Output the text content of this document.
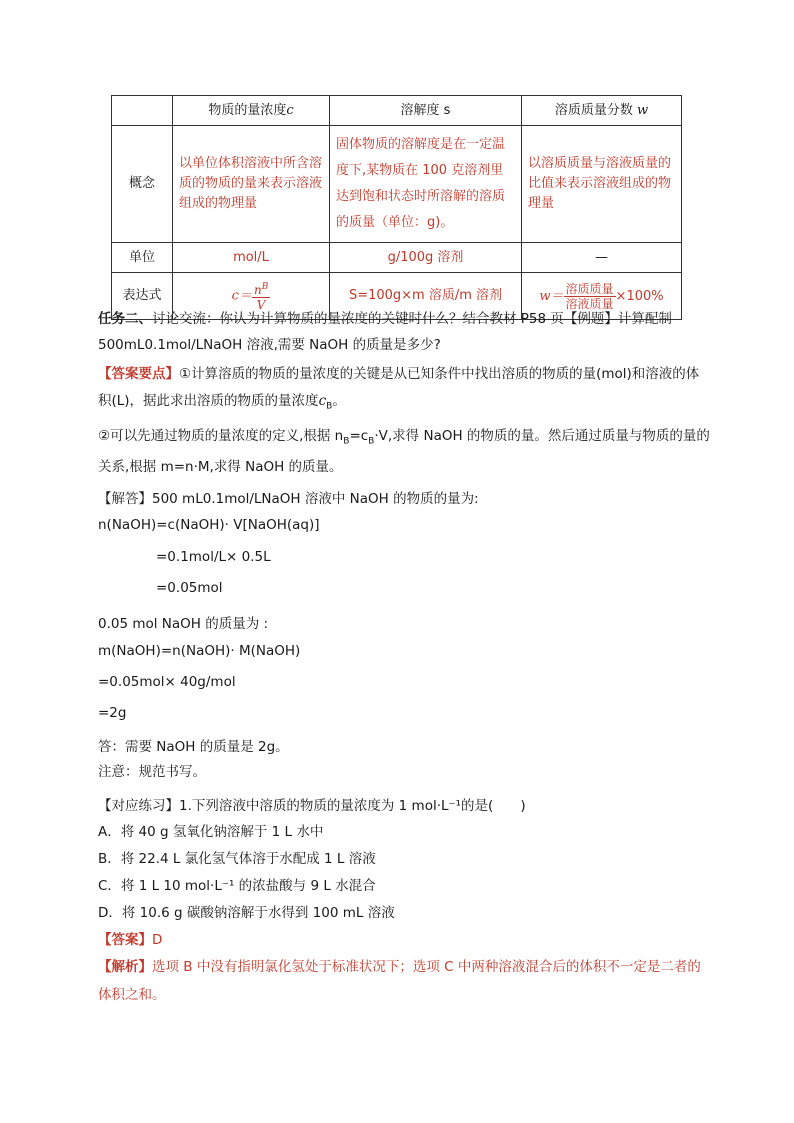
	物质的量浓度c	溶解度 s	溶质质量分数 w
概念	以单位体积溶液中所含溶质的物质的量来表示溶液组成的物理量	固体物质的溶解度是在一定温度下,某物质在 100 克溶剂里达到饱和状态时所溶解的溶质的质量（单位：g)。	以溶质质量与溶液质量的比值来表示溶液组成的物理量
单位	mol/L	g/100g 溶剂	—
表达式	$c= \frac{n^B}{V}$	S=100g×m 溶质/m 溶剂	$w= \frac{\text{溶质质量}}{\text{溶液质量}} \times 100\%$
任务二、讨论交流：你认为计算物质的量浓度的关键时什么？结合教材 P58 页【例题】计算配制
500mL0.1mol/LNaOH 溶液,需要 NaOH 的质量是多少?
【答案要点】①计算溶质的物质的量浓度的关键是从已知条件中找出溶质的物质的量(mol)和溶液的体
积(L)，据此求出溶质的物质的量浓度$c_B$。
②可以先通过物质的量浓度的定义,根据 $n_B=c_B\cdot V$,求得 NaOH 的物质的量。然后通过质量与物质的量的
关系,根据 m=n·M,求得 NaOH 的质量。
【解答】500 mL0.1mol/LNaOH 溶液中 NaOH 的物质的量为:
n(NaOH)=c(NaOH)· V[NaOH(aq)]
=0.1mol/L× 0.5L
=0.05mol
0.05 mol NaOH 的质量为 :
m(NaOH)=n(NaOH)· M(NaOH)
=0.05mol× 40g/mol
=2g
答：需要 NaOH 的质量是 2g。
注意：规范书写。
【对应练习】1.下列溶液中溶质的物质的量浓度为 1 mol·L⁻¹的是(　　)
A．将 40 g 氢氧化钠溶解于 1 L 水中
B．将 22.4 L 氯化氢气体溶于水配成 1 L 溶液
C．将 1 L 10 mol·L⁻¹ 的浓盐酸与 9 L 水混合
D．将 10.6 g 碳酸钠溶解于水得到 100 mL 溶液
【答案】D
【解析】选项 B 中没有指明氯化氢处于标准状况下；选项 C 中两种溶液混合后的体积不一定是二者的
体积之和。
